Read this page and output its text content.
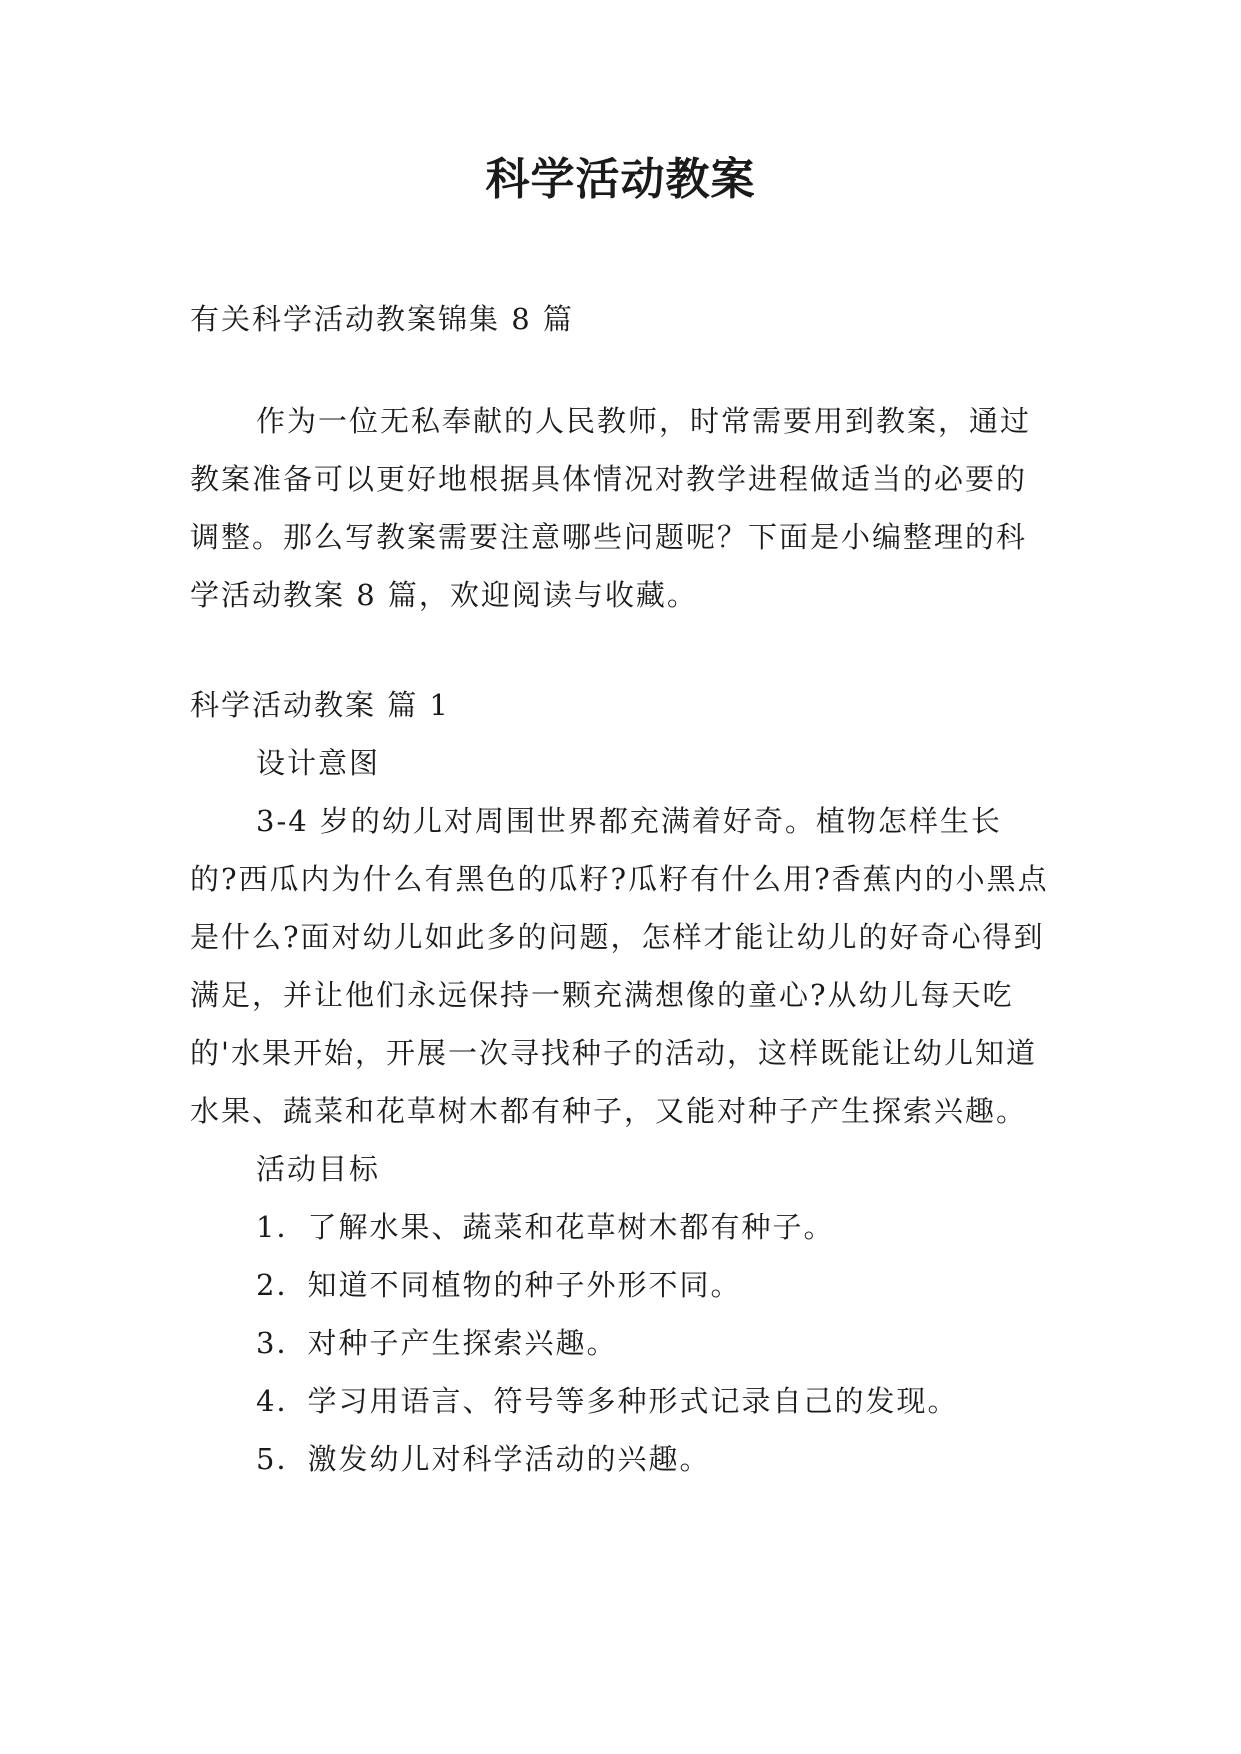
科学活动教案

有关科学活动教案锦集 8 篇

作为一位无私奉献的人民教师，时常需要用到教案，通过教案准备可以更好地根据具体情况对教学进程做适当的必要的调整。那么写教案需要注意哪些问题呢？下面是小编整理的科学活动教案 8 篇，欢迎阅读与收藏。

科学活动教案 篇 1

设计意图

3-4 岁的幼儿对周围世界都充满着好奇。植物怎样生长的?西瓜内为什么有黑色的瓜籽?瓜籽有什么用?香蕉内的小黑点是什么?面对幼儿如此多的问题，怎样才能让幼儿的好奇心得到满足，并让他们永远保持一颗充满想像的童心?从幼儿每天吃的'水果开始，开展一次寻找种子的活动，这样既能让幼儿知道水果、蔬菜和花草树木都有种子，又能对种子产生探索兴趣。

活动目标

1．了解水果、蔬菜和花草树木都有种子。

2．知道不同植物的种子外形不同。

3．对种子产生探索兴趣。

4．学习用语言、符号等多种形式记录自己的发现。

5．激发幼儿对科学活动的兴趣。
